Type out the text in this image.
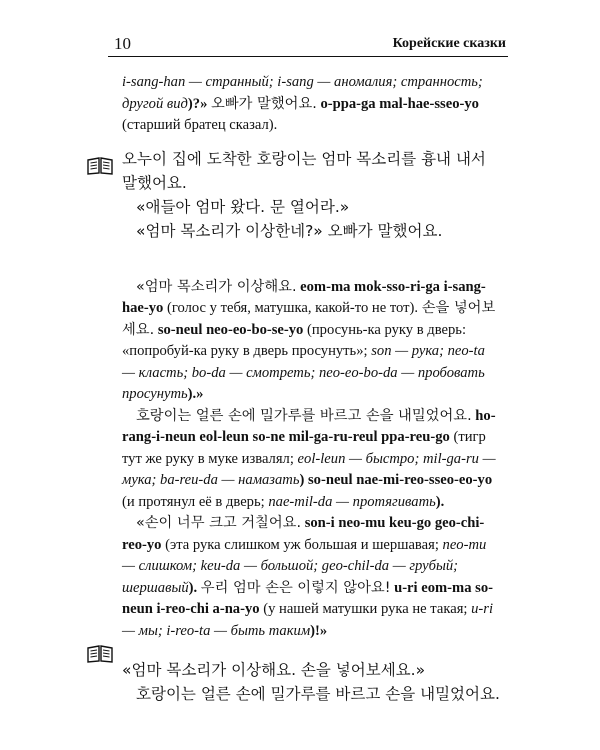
10	Корейские сказки

i-sang-han — странный; i-sang — аномалия; странность; другой вид)?» 오빠가 말했어요. o-ppa-ga mal-hae-sseo-yo (старший братец сказал).

오누이 집에 도착한 호랑이는 엄마 목소리를 흉내 내서 말했어요.

«애들아 엄마 왔다. 문 열어라.»

«엄마 목소리가 이상한네?» 오빠가 말했어요.

«엄마 목소리가 이상해요. eom-ma mok-sso-ri-ga i-sang-hae-yo (голос у тебя, матушка, какой-то не тот). 손을 넣어보세요. so-neul neo-eo-bo-se-yo (просунь-ка руку в дверь: «попробуй-ка руку в дверь просунуть»; son — рука; neo-ta — класть; bo-da — смотреть; neo-eo-bo-da — пробовать просунуть).»

호랑이는 얼른 손에 밀가루를 바르고 손을 내밀었어요. ho-rang-i-neun eol-leun so-ne mil-ga-ru-reul ppa-reu-go (тигр тут же руку в муке извалял; eol-leun — быстро; mil-ga-ru — мука; ba-reu-da — намазать) so-neul nae-mi-reo-sseo-eo-yo (и протянул её в дверь; nae-mil-da — протягивать).

«손이 너무 크고 거칠어요. son-i neo-mu keu-go geo-chi-reo-yo (эта рука слишком уж большая и шершавая; neo-mu — слишком; keu-da — большой; geo-chil-da — грубый; шершавый). 우리 엄마 손은 이렇지 않아요! u-ri eom-ma so-neun i-reo-chi a-na-yo (у нашей матушки рука не такая; u-ri — мы; i-reo-ta — быть таким)!»

«엄마 목소리가 이상해요. 손을 넣어보세요.»

호랑이는 얼른 손에 밀가루를 바르고 손을 내밀었어요.
